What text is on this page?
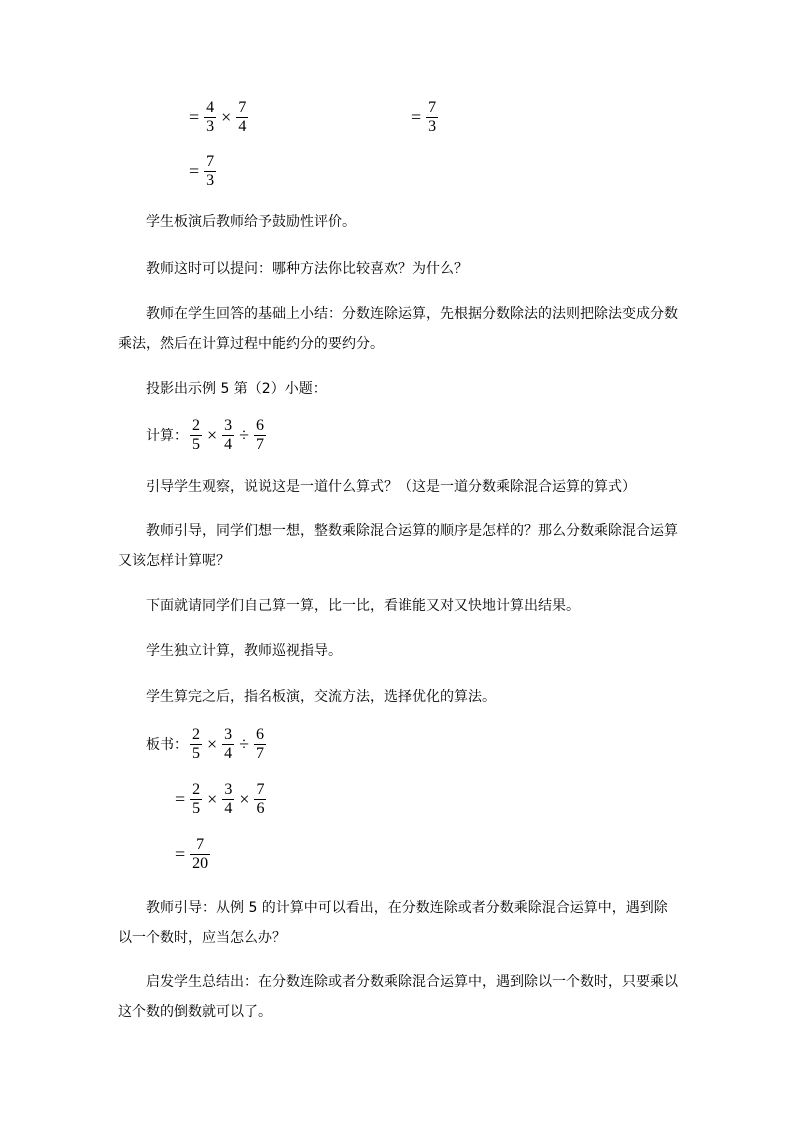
= $\frac{4}{3} \times \frac{7}{4}$	= $\frac{7}{3}$
= $\frac{7}{3}$

学生板演后教师给予鼓励性评价。

教师这时可以提问：哪种方法你比较喜欢？为什么？

教师在学生回答的基础上小结：分数连除运算，先根据分数除法的法则把除法变成分数乘法，然后在计算过程中能约分的要约分。

投影出示例 5 第（2）小题：

计算： $\frac{2}{5} \times \frac{3}{4} \div \frac{6}{7}$

引导学生观察，说说这是一道什么算式？（这是一道分数乘除混合运算的算式）

教师引导，同学们想一想，整数乘除混合运算的顺序是怎样的？那么分数乘除混合运算又该怎样计算呢？

下面就请同学们自己算一算，比一比，看谁能又对又快地计算出结果。

学生独立计算，教师巡视指导。

学生算完之后，指名板演，交流方法，选择优化的算法。

板书： $\frac{2}{5} \times \frac{3}{4} \div \frac{6}{7}$
= $\frac{2}{5} \times \frac{3}{4} \times \frac{7}{6}$
= $\frac{7}{20}$

教师引导：从例 5 的计算中可以看出，在分数连除或者分数乘除混合运算中，遇到除以一个数时，应当怎么办？

启发学生总结出：在分数连除或者分数乘除混合运算中，遇到除以一个数时，只要乘以这个数的倒数就可以了。
